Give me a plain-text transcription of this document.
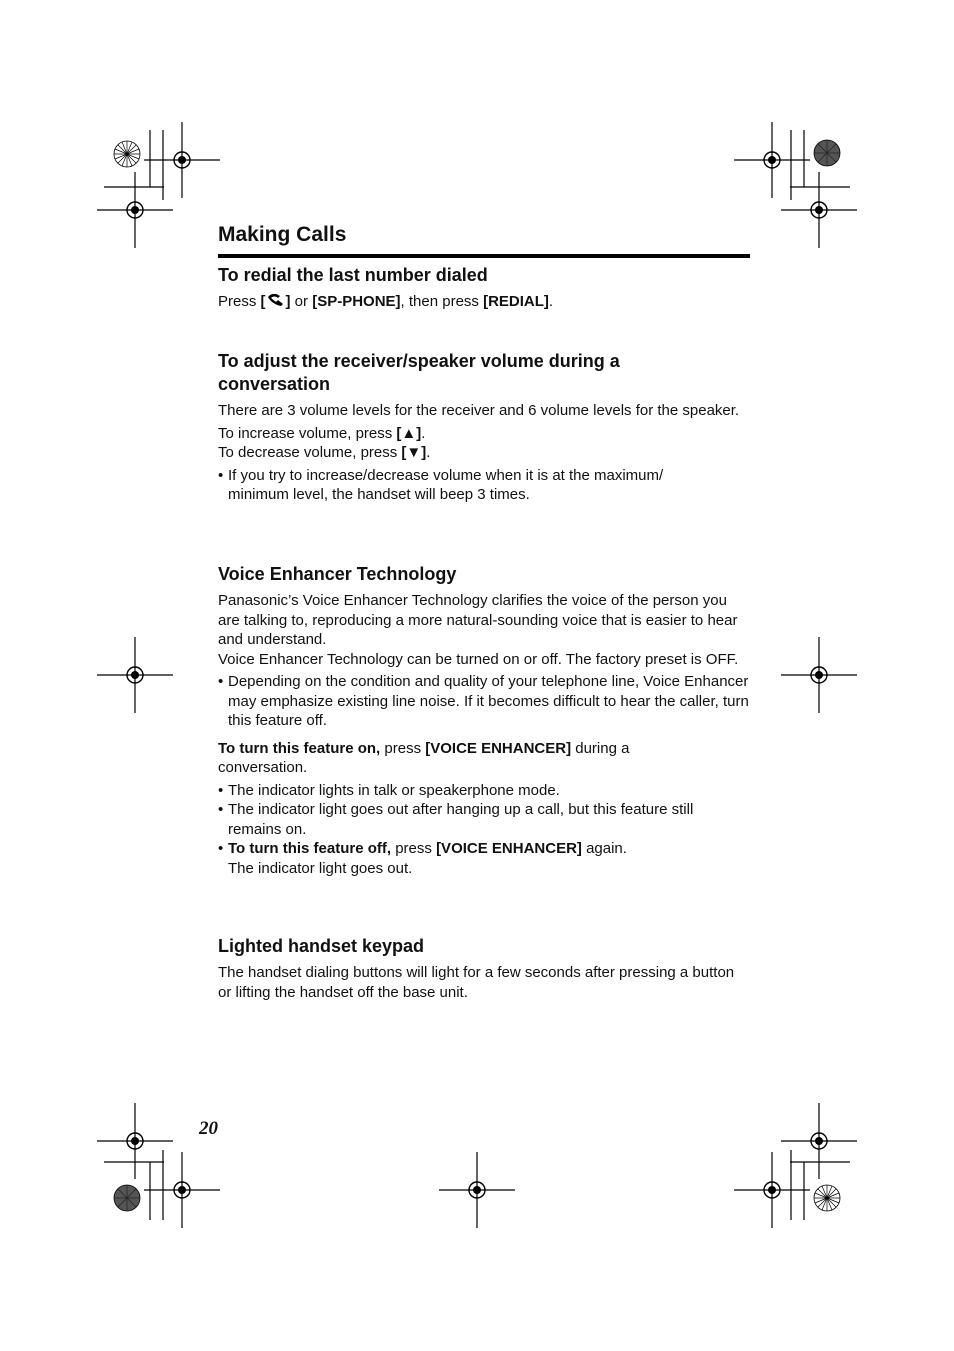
Making Calls
To redial the last number dialed

Press [ ] or [SP-PHONE], then press [REDIAL].

To adjust the receiver/speaker volume during a conversation

There are 3 volume levels for the receiver and 6 volume levels for the speaker.

To increase volume, press [▲].

To decrease volume, press [▼].

• If you try to increase/decrease volume when it is at the maximum/ minimum level, the handset will beep 3 times.

Voice Enhancer Technology

Panasonic’s Voice Enhancer Technology clarifies the voice of the person you are talking to, reproducing a more natural-sounding voice that is easier to hear and understand.

Voice Enhancer Technology can be turned on or off. The factory preset is OFF.

• Depending on the condition and quality of your telephone line, Voice Enhancer may emphasize existing line noise. If it becomes difficult to hear the caller, turn this feature off.

To turn this feature on, press [VOICE ENHANCER] during a conversation.

• The indicator lights in talk or speakerphone mode.

• The indicator light goes out after hanging up a call, but this feature still remains on.

• To turn this feature off, press [VOICE ENHANCER] again.
The indicator light goes out.

Lighted handset keypad

The handset dialing buttons will light for a few seconds after pressing a button or lifting the handset off the base unit.

20
